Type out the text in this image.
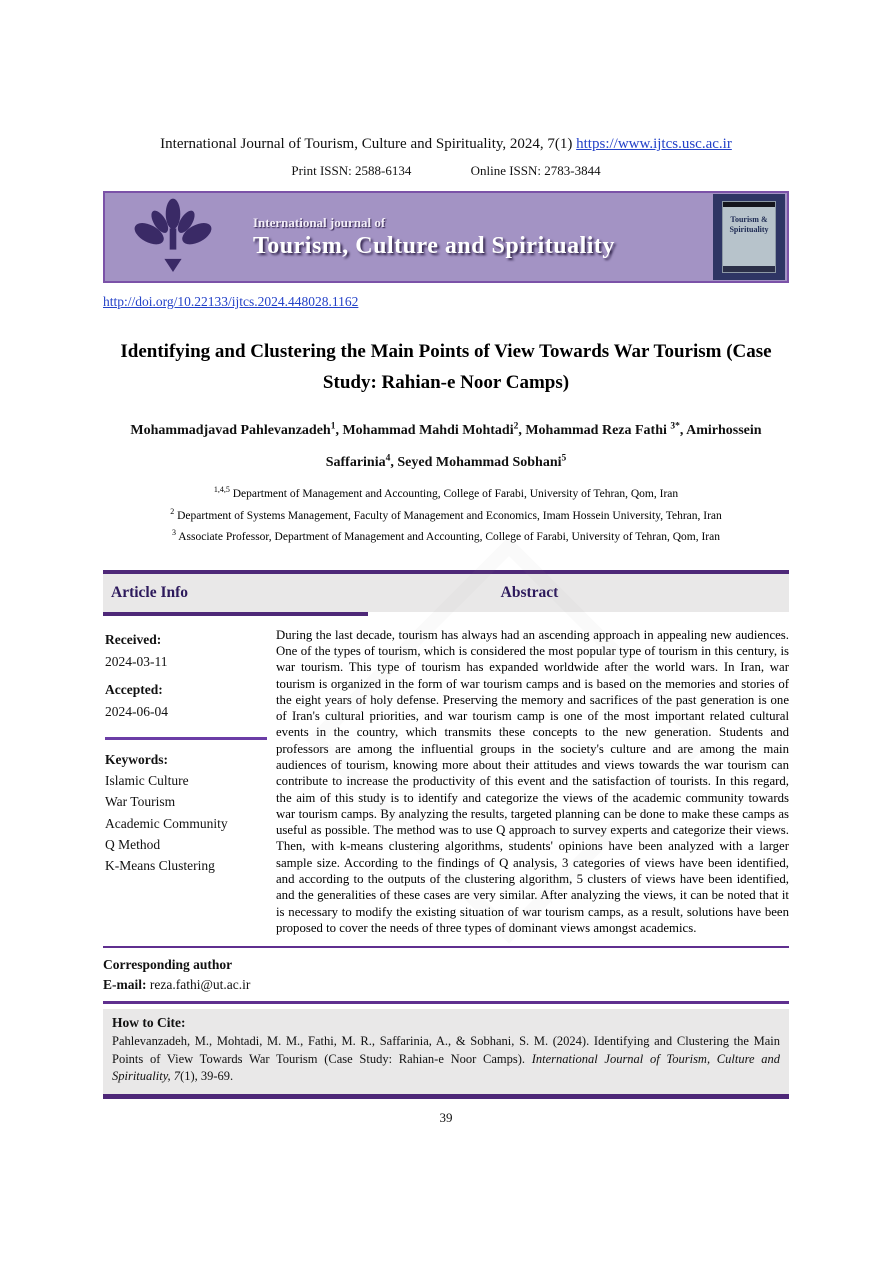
International Journal of Tourism, Culture and Spirituality, 2024, 7(1) https://www.ijtcs.usc.ac.ir
Print ISSN: 2588-6134	Online ISSN: 2783-3844
International journal of
Tourism, Culture and Spirituality
Tourism & Spirituality
http://doi.org/10.22133/ijtcs.2024.448028.1162
Identifying and Clustering the Main Points of View Towards War Tourism (Case Study: Rahian-e Noor Camps)
Mohammadjavad Pahlevanzadeh$^1$, Mohammad Mahdi Mohtadi$^2$, Mohammad Reza Fathi $^{3*}$, Amirhossein Saffarinia$^4$, Seyed Mohammad Sobhani$^5$
$^{1,4,5}$ Department of Management and Accounting, College of Farabi, University of Tehran, Qom, Iran
$^2$ Department of Systems Management, Faculty of Management and Economics, Imam Hossein University, Tehran, Iran
$^3$ Associate Professor, Department of Management and Accounting, College of Farabi, University of Tehran, Qom, Iran
Article Info	Abstract
Received:
2024-03-11
Accepted:
2024-06-04
Keywords:
Islamic Culture
War Tourism
Academic Community
Q Method
K-Means Clustering
During the last decade, tourism has always had an ascending approach in appealing new audiences. One of the types of tourism, which is considered the most popular type of tourism in this century, is war tourism. This type of tourism has expanded worldwide after the world wars. In Iran, war tourism is organized in the form of war tourism camps and is based on the memories and stories of the eight years of holy defense. Preserving the memory and sacrifices of the past generation is one of Iran's cultural priorities, and war tourism camp is one of the most important related cultural events in the country, which transmits these concepts to the new generation. Students and professors are among the influential groups in the society's culture and are among the main audiences of tourism, knowing more about their attitudes and views towards the war tourism can contribute to increase the productivity of this event and the satisfaction of tourists. In this regard, the aim of this study is to identify and categorize the views of the academic community towards war tourism camps. By analyzing the results, targeted planning can be done to make these camps as useful as possible. The method was to use Q approach to survey experts and categorize their views. Then, with k-means clustering algorithms, students' opinions have been analyzed with a larger sample size. According to the findings of Q analysis, 3 categories of views have been identified, and according to the outputs of the clustering algorithm, 5 clusters of views have been identified, and the generalities of these cases are very similar. After analyzing the views, it can be noted that it is necessary to modify the existing situation of war tourism camps, as a result, solutions have been proposed to cover the needs of three types of dominant views amongst academics.
Corresponding author
E-mail: reza.fathi@ut.ac.ir
How to Cite:
Pahlevanzadeh, M., Mohtadi, M. M., Fathi, M. R., Saffarinia, A., & Sobhani, S. M. (2024). Identifying and Clustering the Main Points of View Towards War Tourism (Case Study: Rahian-e Noor Camps). International Journal of Tourism, Culture and Spirituality, 7(1), 39-69.
39
